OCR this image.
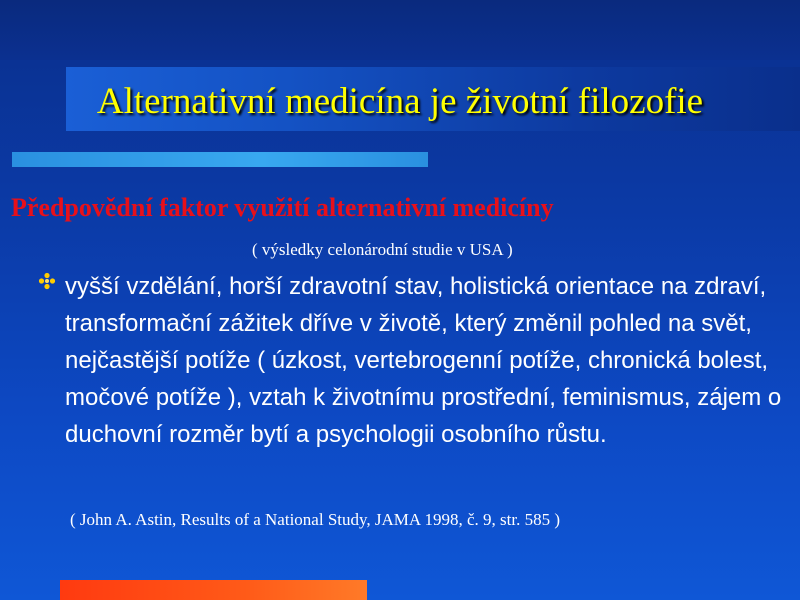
Alternativní medicína je životní filozofie
Předpovědní faktor využití alternativní medicíny
( výsledky celonárodní studie v USA )
vyšší vzdělání, horší zdravotní stav, holistická orientace na zdraví, transformační zážitek dříve v životě, který změnil pohled na svět, nejčastější potíže ( úzkost, vertebrogenní potíže, chronická bolest, močové potíže ), vztah k životnímu prostřední, feminismus, zájem o duchovní rozměr bytí a psychologii osobního růstu.
( John A. Astin, Results of a National Study, JAMA 1998, č. 9, str. 585 )
